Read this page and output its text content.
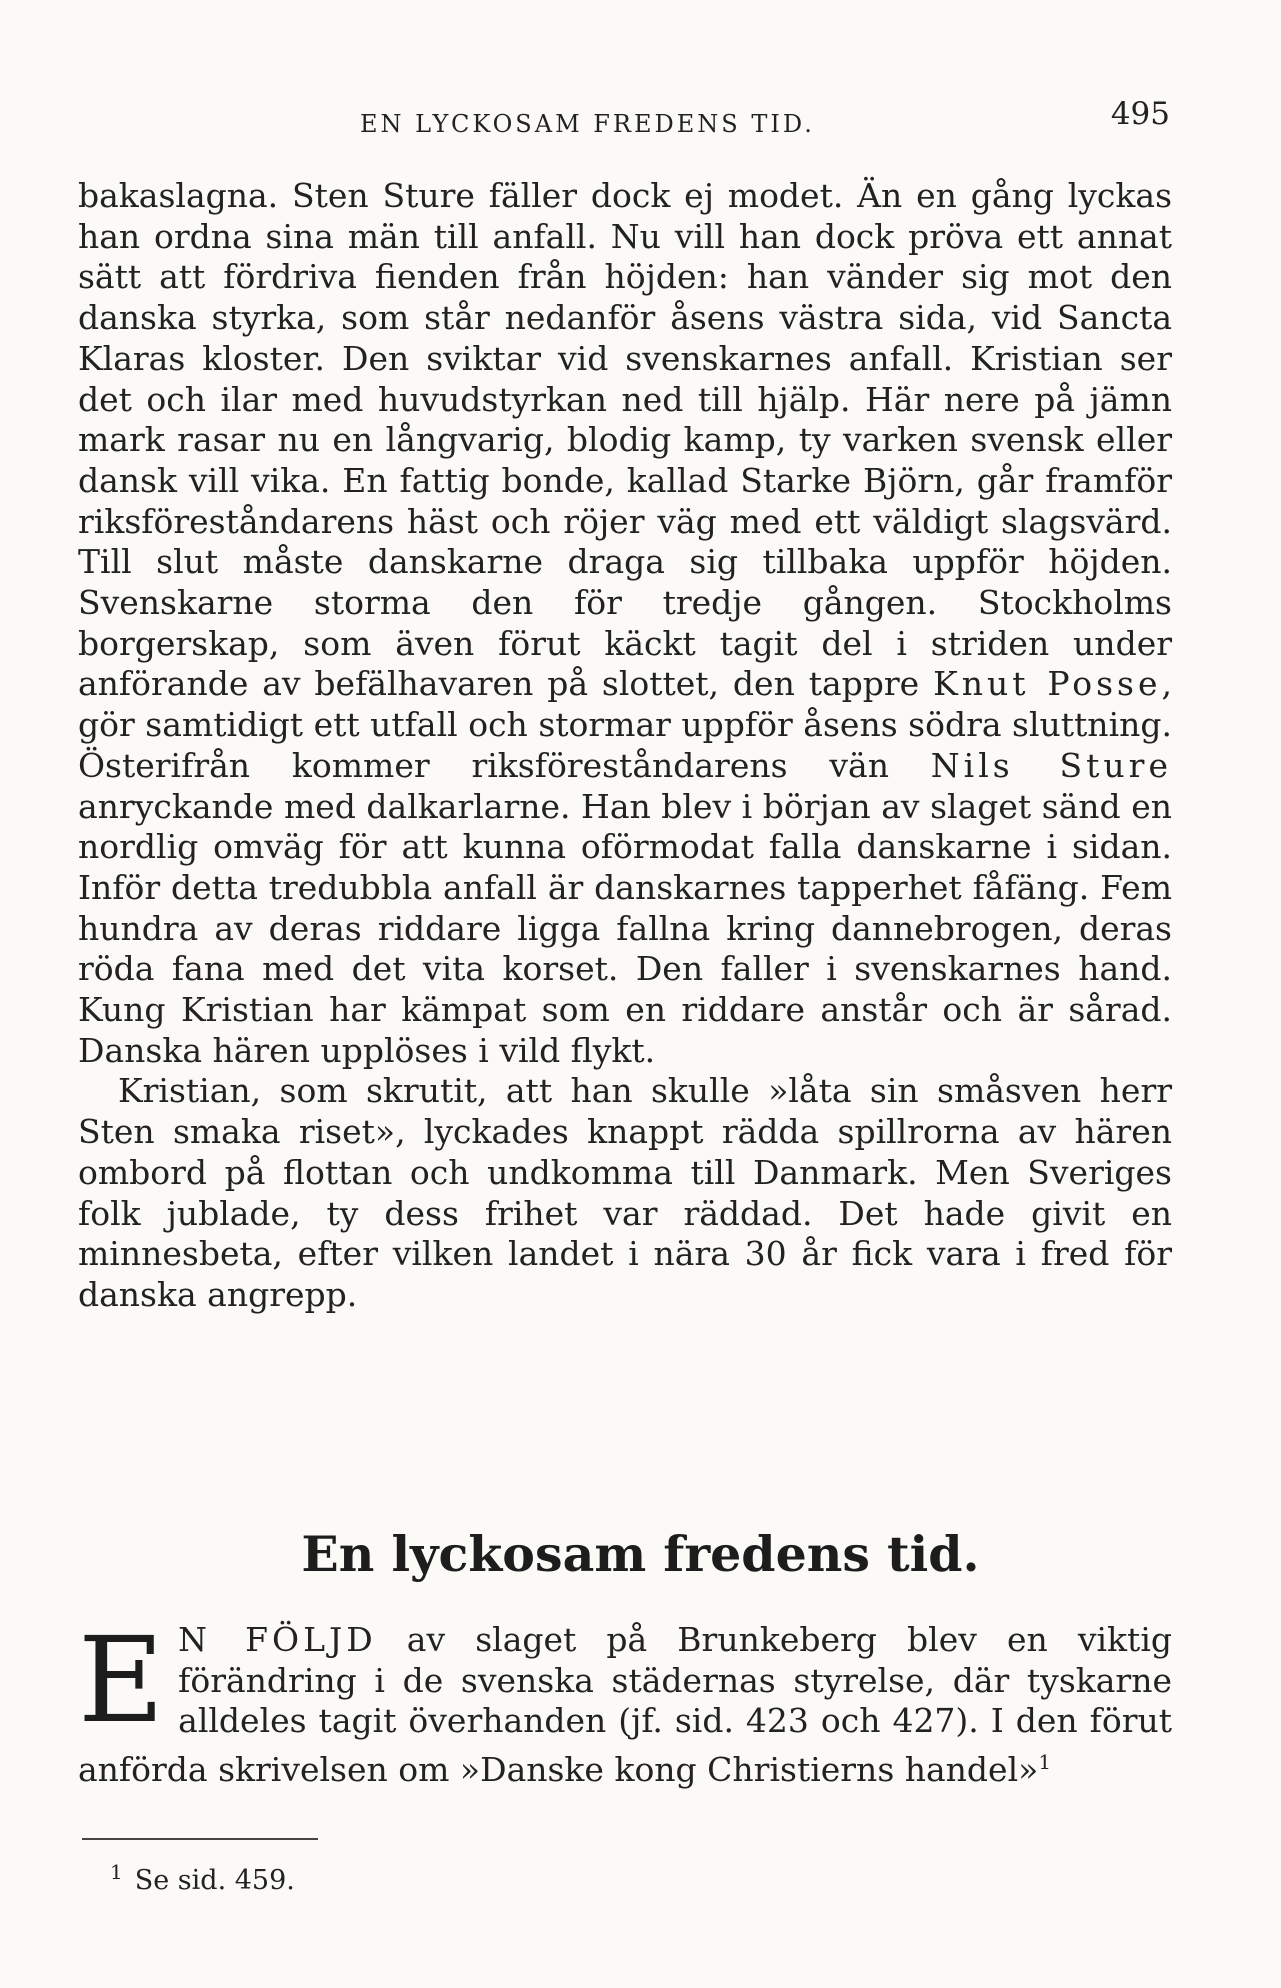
EN LYCKOSAM FREDENS TID.	495

bakaslagna. Sten Sture fäller dock ej modet. Än en gång lyckas han ordna sina män till anfall. Nu vill han dock pröva ett annat sätt att fördriva fienden från höjden: han vänder sig mot den danska styrka, som står nedanför åsens västra sida, vid Sancta Klaras kloster. Den sviktar vid svenskarnes anfall. Kristian ser det och ilar med huvudstyrkan ned till hjälp. Här nere på jämn mark rasar nu en långvarig, blodig kamp, ty varken svensk eller dansk vill vika. En fattig bonde, kallad Starke Björn, går framför riksföreståndarens häst och röjer väg med ett väldigt slagsvärd. Till slut måste danskarne draga sig tillbaka uppför höjden. Svenskarne storma den för tredje gången. Stockholms borgerskap, som även förut käckt tagit del i striden under anförande av befälhavaren på slottet, den tappre Knut Posse, gör samtidigt ett utfall och stormar uppför åsens södra sluttning. Österifrån kommer riksföreståndarens vän Nils Sture anryckande med dalkarlarne. Han blev i början av slaget sänd en nordlig omväg för att kunna oförmodat falla danskarne i sidan. Inför detta tredubbla anfall är danskarnes tapperhet fåfäng. Fem hundra av deras riddare ligga fallna kring dannebrogen, deras röda fana med det vita korset. Den faller i svenskarnes hand. Kung Kristian har kämpat som en riddare anstår och är sårad. Danska hären upplöses i vild flykt.

Kristian, som skrutit, att han skulle »låta sin småsven herr Sten smaka riset», lyckades knappt rädda spillrorna av hären ombord på flottan och undkomma till Danmark. Men Sveriges folk jublade, ty dess frihet var räddad. Det hade givit en minnesbeta, efter vilken landet i nära 30 år fick vara i fred för danska angrepp.

En lyckosam fredens tid.

E N FÖLJD av slaget på Brunkeberg blev en viktig förändring i de svenska städernas styrelse, där tyskarne alldeles tagit överhanden (jf. sid. 423 och 427). I den förut anförda skrivelsen om »Danske kong Christierns handel»$^1$

$^1$ Se sid. 459.
